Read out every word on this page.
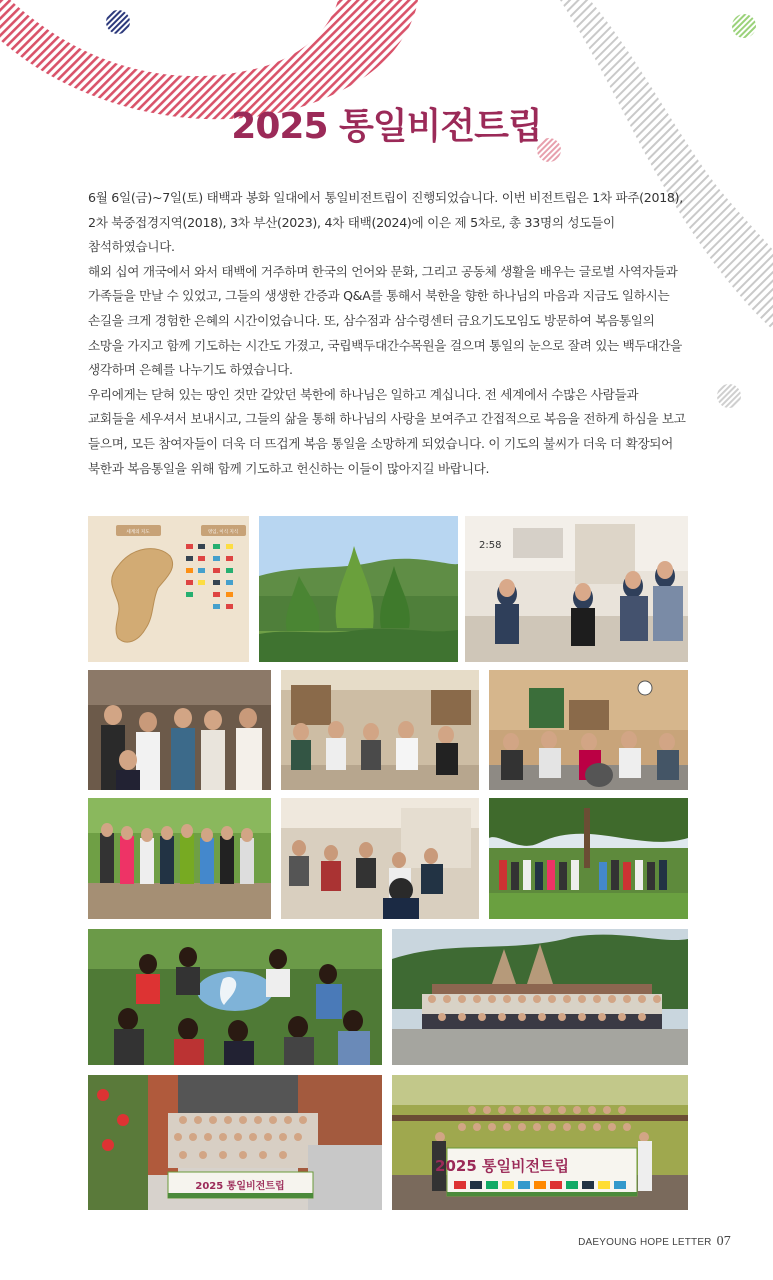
2025 통일비전트립

6월 6일(금)~7일(토) 태백과 봉화 일대에서 통일비전트립이 진행되었습니다. 이번 비전트립은 1차 파주(2018), 2차 북중접경지역(2018), 3차 부산(2023), 4차 태백(2024)에 이은 제 5차로, 총 33명의 성도들이 참석하였습니다.

해외 십여 개국에서 와서 태백에 거주하며 한국의 언어와 문화, 그리고 공동체 생활을 배우는 글로벌 사역자들과 가족들을 만날 수 있었고, 그들의 생생한 간증과 Q&A를 통해서 북한을 향한 하나님의 마음과 지금도 일하시는 손길을 크게 경험한 은혜의 시간이었습니다. 또, 삼수점과 삼수령센터 금요기도모임도 방문하여 복음통일의 소망을 가지고 함께 기도하는 시간도 가졌고, 국립백두대간수목원을 걸으며 통일의 눈으로 잘려 있는 백두대간을 생각하며 은혜를 나누기도 하였습니다.

우리에게는 닫혀 있는 땅인 것만 같았던 북한에 하나님은 일하고 계십니다. 전 세계에서 수많은 사람들과 교회들을 세우셔서 보내시고, 그들의 삶을 통해 하나님의 사랑을 보여주고 간접적으로 복음을 전하게 하심을 보고 들으며, 모든 참여자들이 더욱 더 뜨겁게 복음 통일을 소망하게 되었습니다. 이 기도의 불씨가 더욱 더 확장되어 북한과 복음통일을 위해 함께 기도하고 헌신하는 이들이 많아지길 바랍니다.

세계의 지도	영입, 이식 지식
2:58
2025 통일비전트립
2025 통일비전트립
DAEYOUNG HOPE LETTER 07
